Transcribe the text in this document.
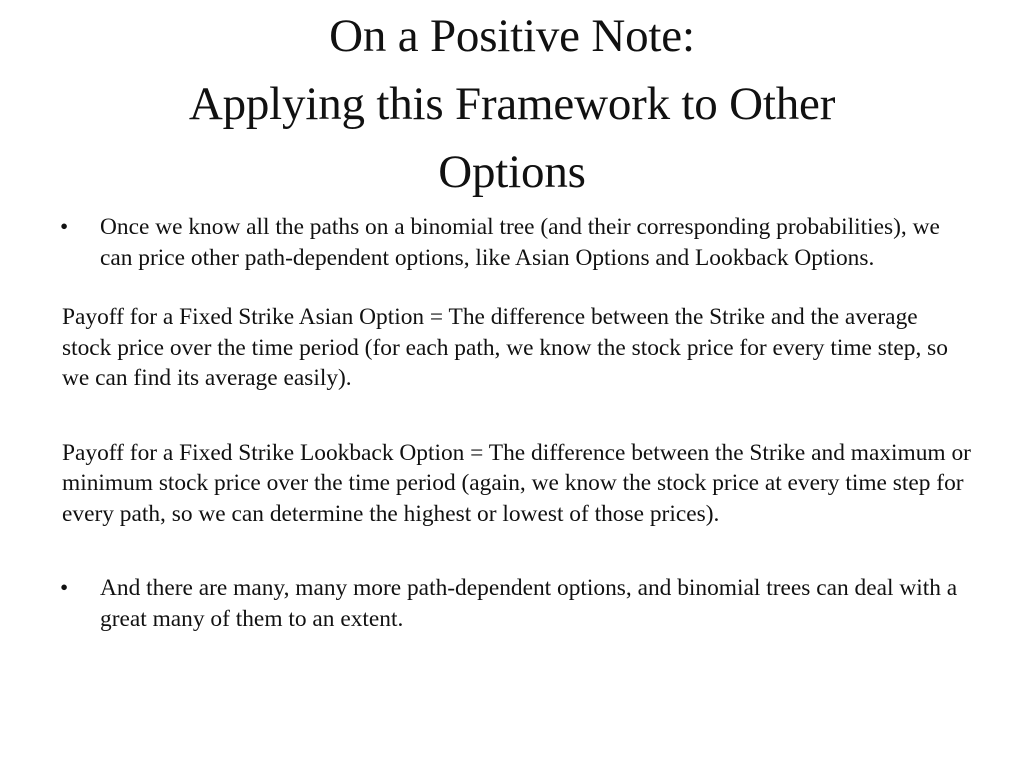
On a Positive Note:
Applying this Framework to Other
Options
•	Once we know all the paths on a binomial tree (and their corresponding probabilities), we can price other path-dependent options, like Asian Options and Lookback Options.
Payoff for a Fixed Strike Asian Option = The difference between the Strike and the average stock price over the time period (for each path, we know the stock price for every time step, so we can find its average easily).
Payoff for a Fixed Strike Lookback Option = The difference between the Strike and maximum or minimum stock price over the time period (again, we know the stock price at every time step for every path, so we can determine the highest or lowest of those prices).
•	And there are many, many more path-dependent options, and binomial trees can deal with a great many of them to an extent.
